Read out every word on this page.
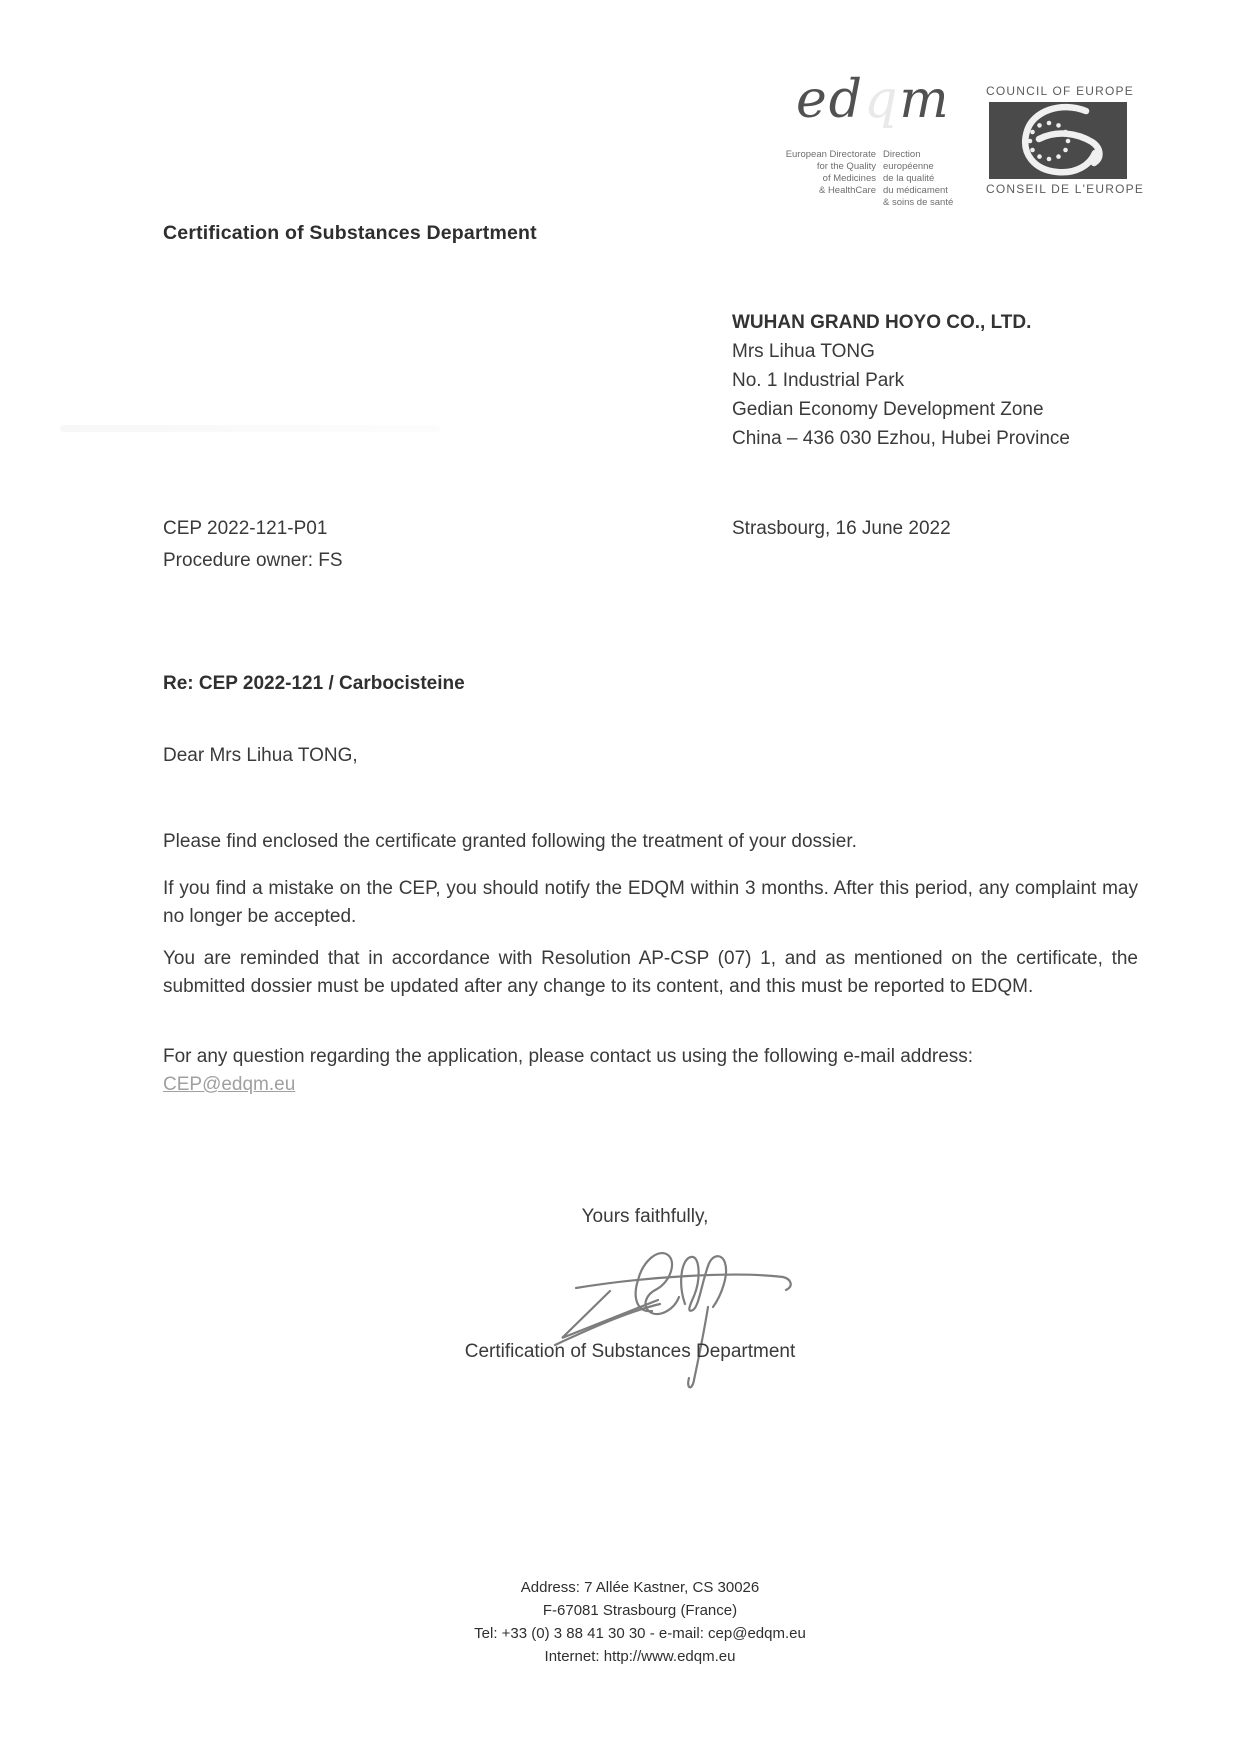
edqm
European Directorate
for the Quality
of Medicines
& HealthCare
Direction européenne
de la qualité
du médicament
& soins de santé
COUNCIL OF EUROPE
CONSEIL DE L'EUROPE
Certification of Substances Department
WUHAN GRAND HOYO CO., LTD.
Mrs Lihua TONG
No. 1 Industrial Park
Gedian Economy Development Zone
China – 436 030 Ezhou, Hubei Province
CEP 2022-121-P01	Strasbourg, 16 June 2022
Procedure owner: FS
Re: CEP 2022-121 / Carbocisteine
Dear Mrs Lihua TONG,

Please find enclosed the certificate granted following the treatment of your dossier.

If you find a mistake on the CEP, you should notify the EDQM within 3 months. After this period, any complaint may no longer be accepted.

You are reminded that in accordance with Resolution AP-CSP (07) 1, and as mentioned on the certificate, the submitted dossier must be updated after any change to its content, and this must be reported to EDQM.

For any question regarding the application, please contact us using the following e-mail address:
CEP@edqm.eu

Yours faithfully,
Certification of Substances Department
Address: 7 Allée Kastner, CS 30026
F-67081 Strasbourg (France)
Tel: +33 (0) 3 88 41 30 30 - e-mail: cep@edqm.eu
Internet: http://www.edqm.eu
